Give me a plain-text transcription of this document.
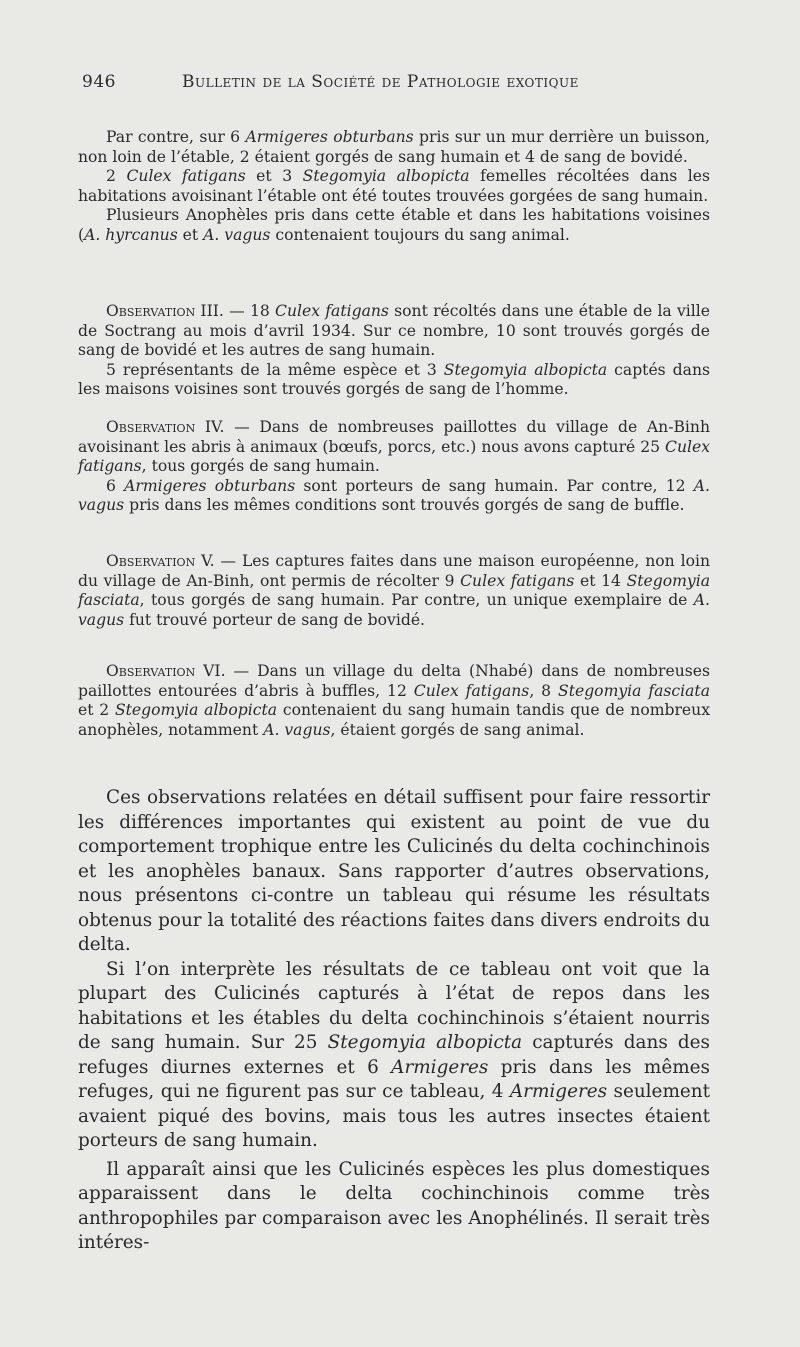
946	Bulletin de la Société de Pathologie exotique

Par contre, sur 6 Armigeres obturbans pris sur un mur derrière un buisson, non loin de l’étable, 2 étaient gorgés de sang humain et 4 de sang de bovidé.

2 Culex fatigans et 3 Stegomyia albopicta femelles récoltées dans les habitations avoisinant l’étable ont été toutes trouvées gorgées de sang humain.

Plusieurs Anophèles pris dans cette étable et dans les habitations voisines (A. hyrcanus et A. vagus contenaient toujours du sang animal.

Observation III. — 18 Culex fatigans sont récoltés dans une étable de la ville de Soctrang au mois d’avril 1934. Sur ce nombre, 10 sont trouvés gorgés de sang de bovidé et les autres de sang humain.

5 représentants de la même espèce et 3 Stegomyia albopicta captés dans les maisons voisines sont trouvés gorgés de sang de l’homme.

Observation IV. — Dans de nombreuses paillottes du village de An-Binh avoisinant les abris à animaux (bœufs, porcs, etc.) nous avons capturé 25 Culex fatigans, tous gorgés de sang humain.

6 Armigeres obturbans sont porteurs de sang humain. Par contre, 12 A. vagus pris dans les mêmes conditions sont trouvés gorgés de sang de buffle.

Observation V. — Les captures faites dans une maison européenne, non loin du village de An-Binh, ont permis de récolter 9 Culex fatigans et 14 Stegomyia fasciata, tous gorgés de sang humain. Par contre, un unique exemplaire de A. vagus fut trouvé porteur de sang de bovidé.

Observation VI. — Dans un village du delta (Nhabé) dans de nombreuses paillottes entourées d’abris à buffles, 12 Culex fatigans, 8 Stegomyia fasciata et 2 Stegomyia albopicta contenaient du sang humain tandis que de nombreux anophèles, notamment A. vagus, étaient gorgés de sang animal.

Ces observations relatées en détail suffisent pour faire ressortir les différences importantes qui existent au point de vue du comportement trophique entre les Culicinés du delta cochinchinois et les anophèles banaux. Sans rapporter d’autres observations, nous présentons ci-contre un tableau qui résume les résultats obtenus pour la totalité des réactions faites dans divers endroits du delta.

Si l’on interprète les résultats de ce tableau ont voit que la plupart des Culicinés capturés à l’état de repos dans les habitations et les étables du delta cochinchinois s’étaient nourris de sang humain. Sur 25 Stegomyia albopicta capturés dans des refuges diurnes externes et 6 Armigeres pris dans les mêmes refuges, qui ne figurent pas sur ce tableau, 4 Armigeres seulement avaient piqué des bovins, mais tous les autres insectes étaient porteurs de sang humain.

Il apparaît ainsi que les Culicinés espèces les plus domestiques apparaissent dans le delta cochinchinois comme très anthropophiles par comparaison avec les Anophélinés. Il serait très intéres-
